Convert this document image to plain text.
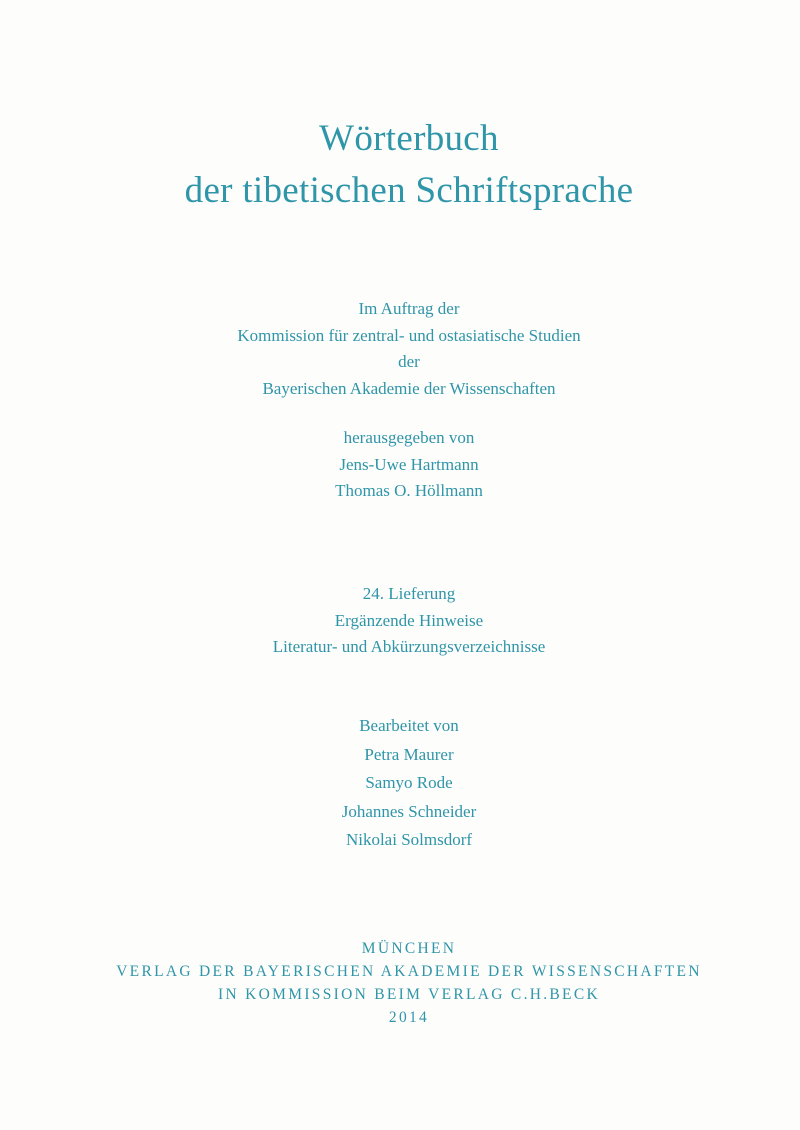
Wörterbuch
der tibetischen Schriftsprache
Im Auftrag der
Kommission für zentral- und ostasiatische Studien
der
Bayerischen Akademie der Wissenschaften
herausgegeben von
Jens-Uwe Hartmann
Thomas O. Höllmann
24. Lieferung
Ergänzende Hinweise
Literatur- und Abkürzungsverzeichnisse
Bearbeitet von
Petra Maurer
Samyo Rode
Johannes Schneider
Nikolai Solmsdorf
MÜNCHEN
VERLAG DER BAYERISCHEN AKADEMIE DER WISSENSCHAFTEN
IN KOMMISSION BEIM VERLAG C.H.BECK
2014
